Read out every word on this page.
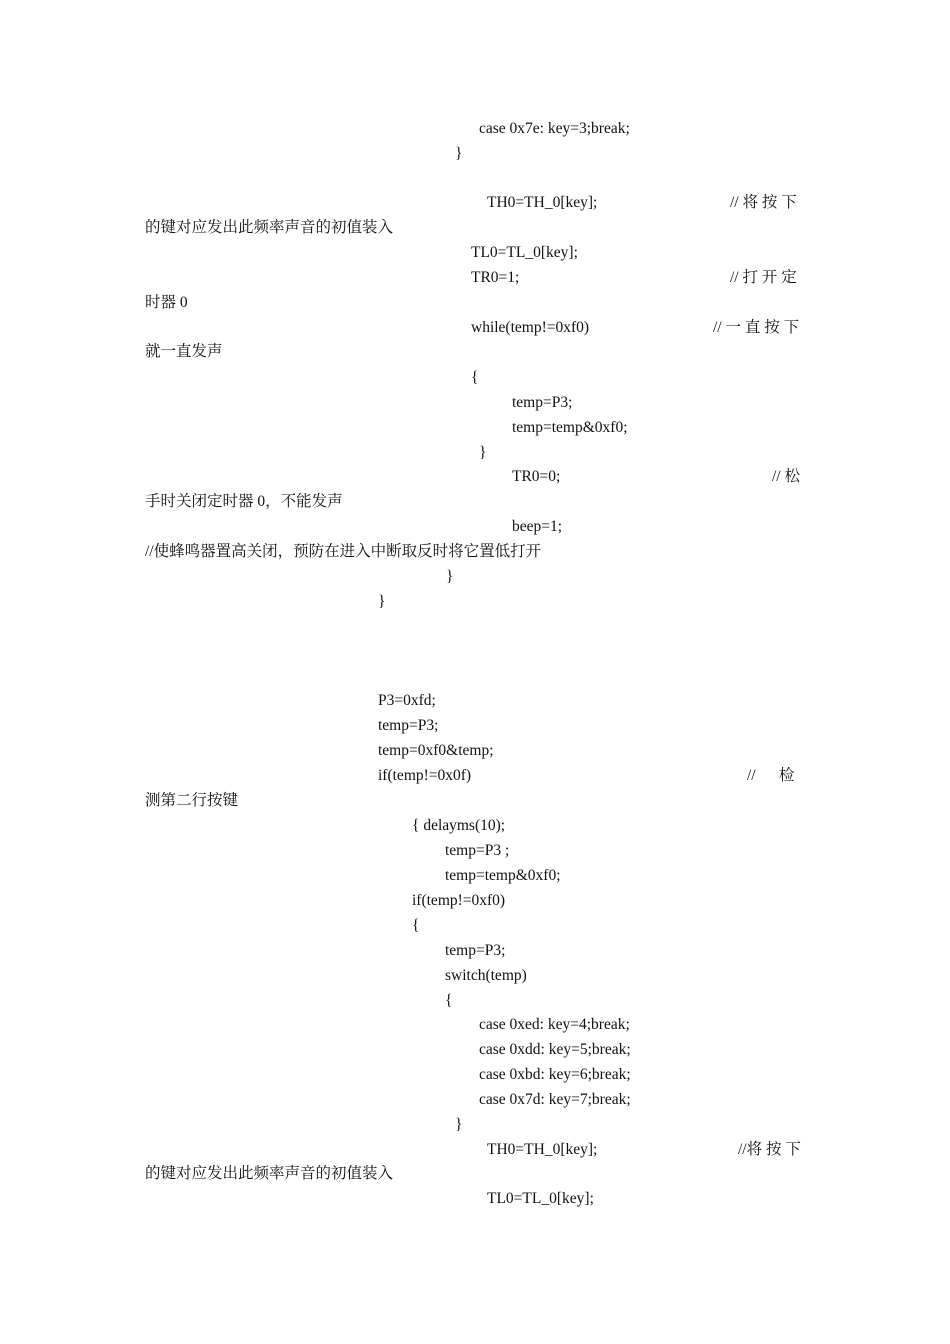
case 0x7e: key=3;break;
}
TH0=TH_0[key];	// 将 按 下
的键对应发出此频率声音的初值装入
TL0=TL_0[key];
TR0=1;	// 打 开 定
时器 0
while(temp!=0xf0)	// 一 直 按 下
就一直发声
{
temp=P3;
temp=temp&0xf0;
}
TR0=0;	// 松
手时关闭定时器 0，不能发声
beep=1;
//使蜂鸣器置高关闭，预防在进入中断取反时将它置低打开
}
}
P3=0xfd;
temp=P3;
temp=0xf0&temp;
if(temp!=0x0f)	//      检
测第二行按键
{ delayms(10);
temp=P3 ;
temp=temp&0xf0;
if(temp!=0xf0)
{
temp=P3;
switch(temp)
{
case 0xed: key=4;break;
case 0xdd: key=5;break;
case 0xbd: key=6;break;
case 0x7d: key=7;break;
}
TH0=TH_0[key];	//将 按 下
的键对应发出此频率声音的初值装入
TL0=TL_0[key];
